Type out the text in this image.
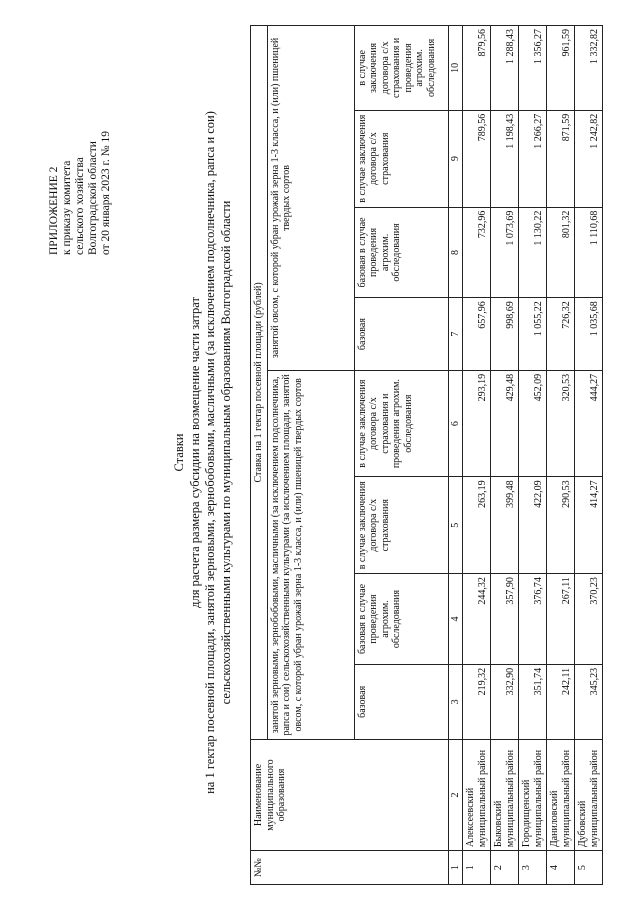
ПРИЛОЖЕНИЕ 2 к приказу комитета сельского хозяйства Волгоградской области от 20 января 2023 г. № 19
Ставки для расчета размера субсидии на возмещение части затрат на 1 гектар посевной площади, занятой зерновыми, зернобобовыми, масличными (за исключением подсолнечника, рапса и сои) сельскохозяйственными культурами по муниципальным образованиям Волгоградской области
№№	Наименование муниципального образования	Ставка на 1 гектар посевной площади (рублей)							
		занятой зерновыми, зернобобовыми, масличными (за исключением подсолнечника, рапса и сои) сельскохозяйственными культурами (за исключением площади, занятой овсом, с которой убран урожай зерна 1-3 класса, и (или) пшеницей твердых сортов				занятой овсом, с которой убран урожай зерна 1-3 класса, и (или) пшеницей твердых сортов			
		базовая	базовая в случае проведения агрохим. обследования	в случае заключения договора с/х страхования	в случае заключения договора с/х страхования и проведения агрохим. обследования	базовая	базовая в случае проведения агрохим. обследования	в случае заключения договора с/х страхования	в случае заключения договора с/х страхования и проведения агрохим. обследования
1	2	3	4	5	6	7	8	9	10
1	Алексеевский муниципальный район	219,32	244,32	263,19	293,19	657,96	732,96	789,56	879,56
2	Быковский муниципальный район	332,90	357,90	399,48	429,48	998,69	1 073,69	1 198,43	1 288,43
3	Городищенский муниципальный район	351,74	376,74	422,09	452,09	1 055,22	1 130,22	1 266,27	1 356,27
4	Даниловский муниципальный район	242,11	267,11	290,53	320,53	726,32	801,32	871,59	961,59
5	Дубовский муниципальный район	345,23	370,23	414,27	444,27	1 035,68	1 110,68	1 242,82	1 332,82
